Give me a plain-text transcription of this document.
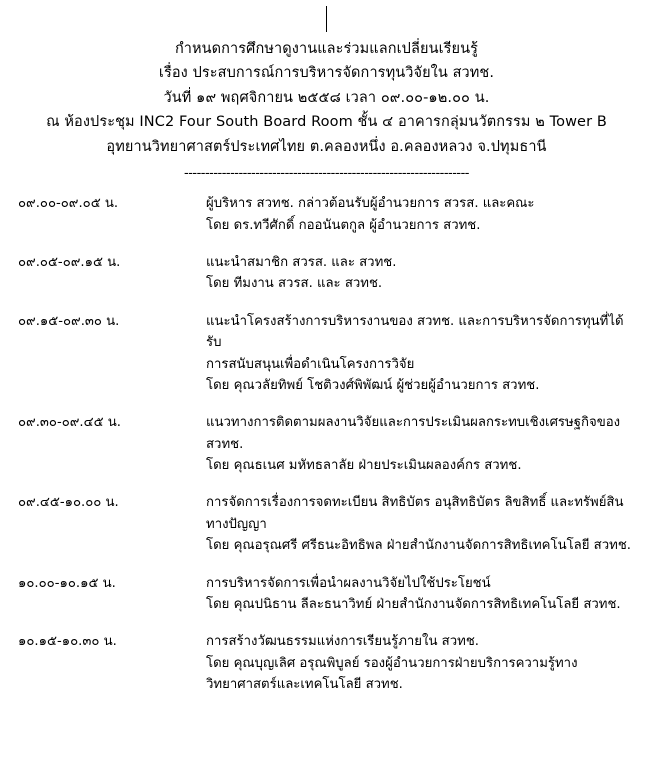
กำหนดการศึกษาดูงานและร่วมแลกเปลี่ยนเรียนรู้
เรื่อง ประสบการณ์การบริหารจัดการทุนวิจัยใน สวทช.
วันที่ ๑๙ พฤศจิกายน ๒๕๕๘ เวลา ๐๙.๐๐-๑๒.๐๐ น.
ณ ห้องประชุม INC2 Four South Board Room ชั้น ๔ อาคารกลุ่มนวัตกรรม ๒ Tower B
อุทยานวิทยาศาสตร์ประเทศไทย ต.คลองหนึ่ง อ.คลองหลวง จ.ปทุมธานี
--------------------------------------------------------------------
๐๙.๐๐-๐๙.๐๕ น.	ผู้บริหาร สวทช. กล่าวต้อนรับผู้อำนวยการ สวรส. และคณะ
โดย ดร.ทวีศักดิ์ กออนันตกูล ผู้อำนวยการ สวทช.

๐๙.๐๕-๐๙.๑๕ น.	แนะนำสมาชิก สวรส. และ สวทช.
โดย ทีมงาน สวรส. และ สวทช.

๐๙.๑๕-๐๙.๓๐ น.	แนะนำโครงสร้างการบริหารงานของ สวทช. และการบริหารจัดการทุนที่ได้รับ
การสนับสนุนเพื่อดำเนินโครงการวิจัย
โดย คุณวลัยทิพย์ โชติวงศ์พิพัฒน์ ผู้ช่วยผู้อำนวยการ สวทช.

๐๙.๓๐-๐๙.๔๕ น.	แนวทางการติดตามผลงานวิจัยและการประเมินผลกระทบเชิงเศรษฐกิจของ
สวทช.
โดย คุณธเนศ มหัทธลาลัย ฝ่ายประเมินผลองค์กร สวทช.

๐๙.๔๕-๑๐.๐๐ น.	การจัดการเรื่องการจดทะเบียน สิทธิบัตร อนุสิทธิบัตร ลิขสิทธิ์ และทรัพย์สิน
ทางปัญญา
โดย คุณอรุณศรี ศรีธนะอิทธิพล ฝ่ายสำนักงานจัดการสิทธิเทคโนโลยี สวทช.

๑๐.๐๐-๑๐.๑๕ น.	การบริหารจัดการเพื่อนำผลงานวิจัยไปใช้ประโยชน์
โดย คุณปนิธาน ลีละธนาวิทย์ ฝ่ายสำนักงานจัดการสิทธิเทคโนโลยี สวทช.

๑๐.๑๕-๑๐.๓๐ น.	การสร้างวัฒนธรรมแห่งการเรียนรู้ภายใน สวทช.
โดย คุณบุญเลิศ อรุณพิบูลย์ รองผู้อำนวยการฝ่ายบริการความรู้ทาง
วิทยาศาสตร์และเทคโนโลยี สวทช.
